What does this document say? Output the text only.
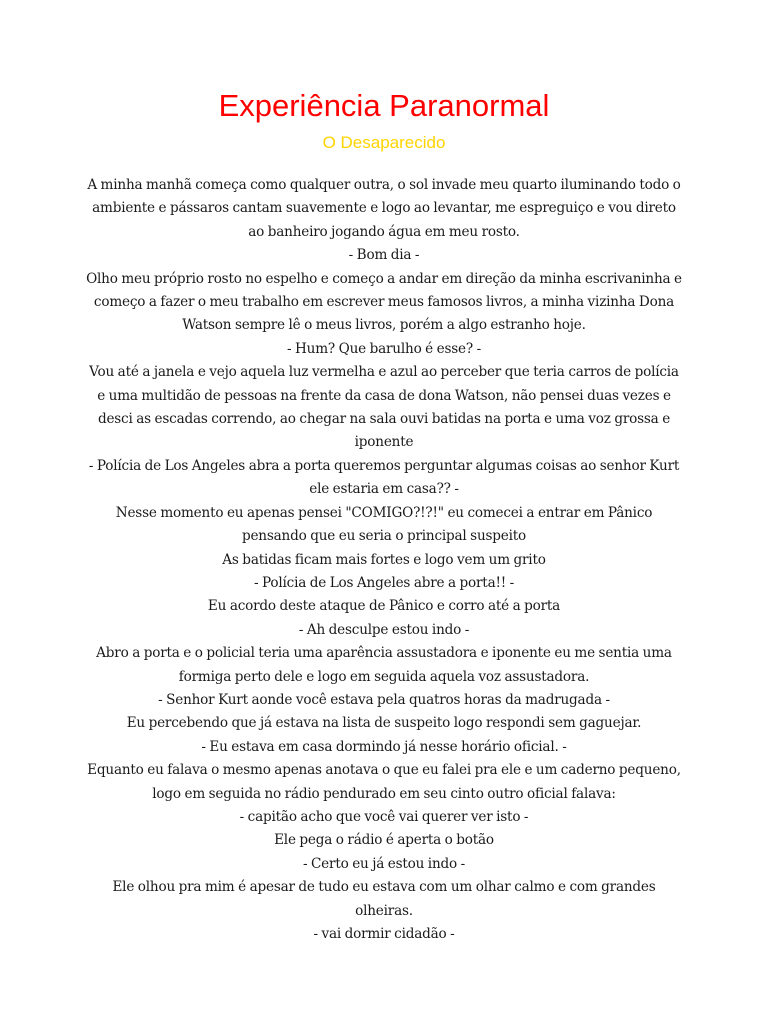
Experiência Paranormal
O Desaparecido

A minha manhã começa como qualquer outra, o sol invade meu quarto iluminando todo o ambiente e pássaros cantam suavemente e logo ao levantar, me espreguiço e vou direto ao banheiro jogando água em meu rosto.

- Bom dia -

Olho meu próprio rosto no espelho e começo a andar em direção da minha escrivaninha e começo a fazer o meu trabalho em escrever meus famosos livros, a minha vizinha Dona Watson sempre lê o meus livros, porém a algo estranho hoje.

- Hum? Que barulho é esse? -

Vou até a janela e vejo aquela luz vermelha e azul ao perceber que teria carros de polícia e uma multidão de pessoas na frente da casa de dona Watson, não pensei duas vezes e desci as escadas correndo, ao chegar na sala ouvi batidas na porta e uma voz grossa e iponente

- Polícia de Los Angeles abra a porta queremos perguntar algumas coisas ao senhor Kurt ele estaria em casa?? -

Nesse momento eu apenas pensei "COMIGO?!?!" eu comecei a entrar em Pânico pensando que eu seria o principal suspeito

As batidas ficam mais fortes e logo vem um grito

- Polícia de Los Angeles abre a porta!! -

Eu acordo deste ataque de Pânico e corro até a porta

- Ah desculpe estou indo -

Abro a porta e o policial teria uma aparência assustadora e iponente eu me sentia uma formiga perto dele e logo em seguida aquela voz assustadora.

- Senhor Kurt aonde você estava pela quatros horas da madrugada -

Eu percebendo que já estava na lista de suspeito logo respondi sem gaguejar.

- Eu estava em casa dormindo já nesse horário oficial. -

Equanto eu falava o mesmo apenas anotava o que eu falei pra ele e um caderno pequeno, logo em seguida no rádio pendurado em seu cinto outro oficial falava:

- capitão acho que você vai querer ver isto -

Ele pega o rádio é aperta o botão

- Certo eu já estou indo -

Ele olhou pra mim é apesar de tudo eu estava com um olhar calmo e com grandes olheiras.

- vai dormir cidadão -
